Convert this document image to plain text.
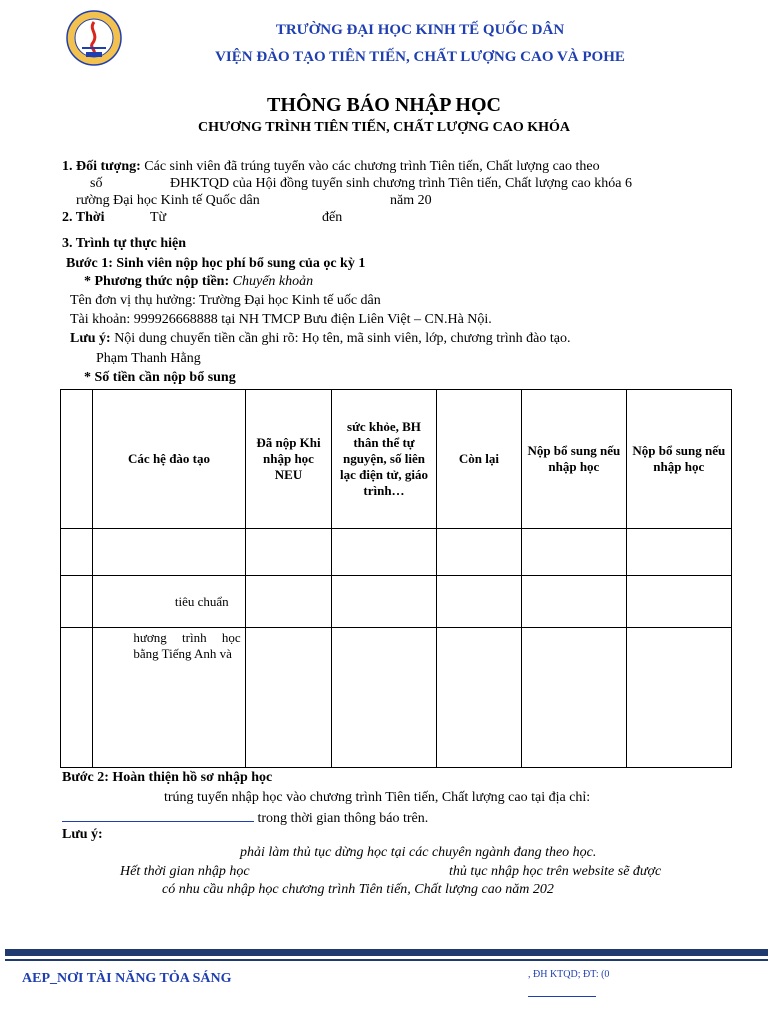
TRƯỜNG ĐẠI HỌC KINH TẾ QUỐC DÂN
VIỆN ĐÀO TẠO TIÊN TIẾN, CHẤT LƯỢNG CAO VÀ POHE
THÔNG BÁO NHẬP HỌC
CHƯƠNG TRÌNH TIÊN TIẾN, CHẤT LƯỢNG CAO KHÓA
1. Đối tượng: Các sinh viên đã trúng tuyển vào các chương trình Tiên tiến, Chất lượng cao theo
số	ĐHKTQD của Hội đồng tuyển sinh chương trình Tiên tiến, Chất lượng cao khóa 6
rường Đại học Kinh tế Quốc dân	năm 20
2. Thời	Từ	đến
3. Trình tự thực hiện
Bước 1: Sinh viên nộp học phí bổ sung của ọc kỳ 1
* Phương thức nộp tiền: Chuyển khoản
Tên đơn vị thụ hưởng: Trường Đại học Kinh tế uốc dân
Tài khoản: 999926668888 tại NH TMCP Bưu điện Liên Việt – CN.Hà Nội.
Lưu ý: Nội dung chuyển tiền cần ghi rõ: Họ tên, mã sinh viên, lớp, chương trình đào tạo.
Phạm Thanh Hằng
* Số tiền cần nộp bổ sung
	Các hệ đào tạo	Đã nộp Khi nhập học NEU	sức khỏe, BH thân thể tự nguyện, số liên lạc điện tử, giáo trình…	Còn lại	Nộp bổ sung nếu nhập học	Nộp bổ sung nếu nhập học

	tiêu chuẩn					
	hương trình học bằng Tiếng Anh và					
Bước 2: Hoàn thiện hồ sơ nhập học
trúng tuyển nhập học vào chương trình Tiên tiến, Chất lượng cao tại địa chỉ:
trong thời gian thông báo trên.
Lưu ý:
phải làm thủ tục dừng học tại các chuyên ngành đang theo học.
Hết thời gian nhập học	thủ tục nhập học trên website sẽ được
có nhu cầu nhập học chương trình Tiên tiến, Chất lượng cao năm 202
AEP_NƠI TÀI NĂNG TỎA SÁNG	, ĐH KTQD; ĐT: (0
